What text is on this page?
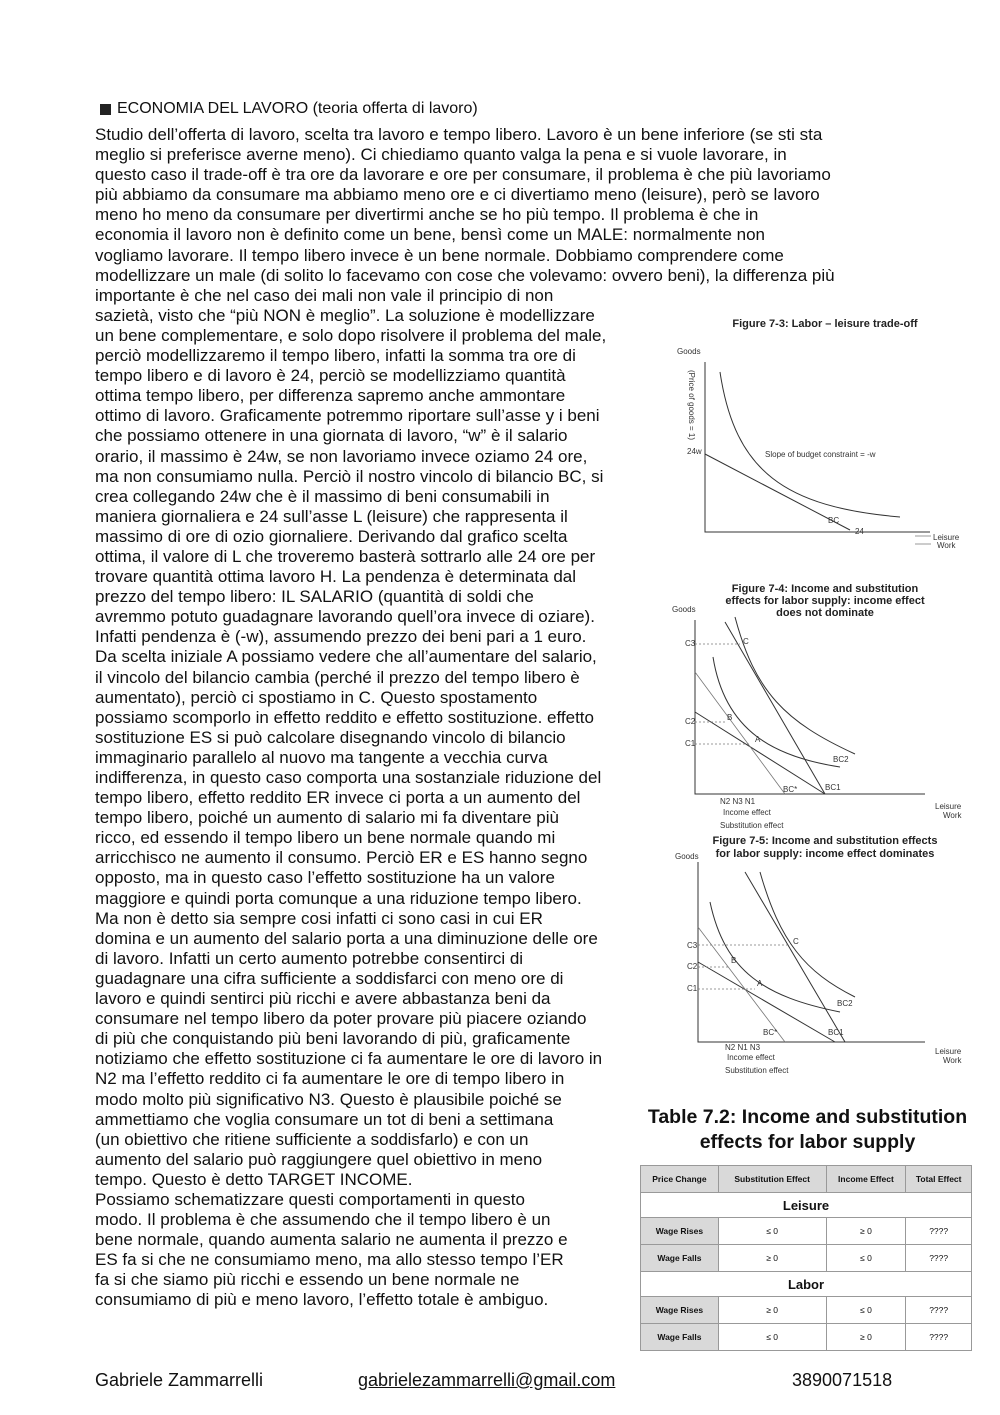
ECONOMIA DEL LAVORO (teoria offerta di lavoro)
Studio dell’offerta di lavoro, scelta tra lavoro e tempo libero. Lavoro è un bene inferiore (se sti sta
meglio si preferisce averne meno). Ci chiediamo quanto valga la pena e si vuole lavorare, in
questo caso il trade-off è tra ore da lavorare e ore per consumare, il problema è che più lavoriamo
più abbiamo da consumare ma abbiamo meno ore e ci divertiamo meno (leisure), però se lavoro
meno ho meno da consumare per divertirmi anche se ho più tempo. Il problema è che in
economia il lavoro non è definito come un bene, bensì come un MALE: normalmente non
vogliamo lavorare. Il tempo libero invece è un bene normale. Dobbiamo comprendere come
modellizzare un male (di solito lo facevamo con cose che volevamo: ovvero beni), la differenza più
importante è che nel caso dei mali non vale il principio di non
sazietà, visto che “più NON è meglio”. La soluzione è modellizzare
un bene complementare, e solo dopo risolvere il problema del male,
perciò modellizzaremo il tempo libero, infatti la somma tra ore di
tempo libero e di lavoro è 24, perciò se modellizziamo quantità
ottima tempo libero, per differenza sapremo anche ammontare
ottimo di lavoro. Graficamente potremmo riportare sull’asse y i beni
che possiamo ottenere in una giornata di lavoro, “w” è il salario
orario, il massimo è 24w, se non lavoriamo invece oziamo 24 ore,
ma non consumiamo nulla. Perciò il nostro vincolo di bilancio BC, si
crea collegando 24w che è il massimo di beni consumabili in
maniera giornaliera e 24 sull’asse L (leisure) che rappresenta il
massimo di ore di ozio giornaliere. Derivando dal grafico scelta
ottima, il valore di L che troveremo basterà sottrarlo alle 24 ore per
trovare quantità ottima lavoro H. La pendenza è determinata dal
prezzo del tempo libero: IL SALARIO (quantità di soldi che
avremmo potuto guadagnare lavorando quell’ora invece di oziare).
Infatti pendenza è (-w), assumendo prezzo dei beni pari a 1 euro.
Da scelta iniziale A possiamo vedere che all’aumentare del salario,
il vincolo del bilancio cambia (perché il prezzo del tempo libero è
aumentato), perciò ci spostiamo in C. Questo spostamento
possiamo scomporlo in effetto reddito e effetto sostituzione. effetto
sostituzione ES si può calcolare disegnando vincolo di bilancio
immaginario parallelo al nuovo ma tangente a vecchia curva
indifferenza, in questo caso comporta una sostanziale riduzione del
tempo libero, effetto reddito ER invece ci porta a un aumento del
tempo libero, poiché un aumento di salario mi fa diventare più
ricco, ed essendo il tempo libero un bene normale quando mi
arricchisco ne aumento il consumo. Perciò ER e ES hanno segno
opposto, ma in questo caso l’effetto sostituzione ha un valore
maggiore e quindi porta comunque a una riduzione tempo libero.
Ma non è detto sia sempre cosi infatti ci sono casi in cui ER
domina e un aumento del salario porta a una diminuzione delle ore
di lavoro. Infatti un certo aumento potrebbe consentirci di
guadagnare una cifra sufficiente a soddisfarci con meno ore di
lavoro e quindi sentirci più ricchi e avere abbastanza beni da
consumare nel tempo libero da poter provare più piacere oziando
di più che conquistando più beni lavorando di più, graficamente
notiziamo che effetto sostituzione ci fa aumentare le ore di lavoro in
N2 ma l’effetto reddito ci fa aumentare le ore di tempo libero in
modo molto più significativo N3. Questo è plausibile poiché se
ammettiamo che voglia consumare un tot di beni a settimana
(un obiettivo che ritiene sufficiente a soddisfarlo) e con un
aumento del salario può raggiungere quel obiettivo in meno
tempo. Questo è detto TARGET INCOME.
Possiamo schematizzare questi comportamenti in questo
modo. Il problema è che assumendo che il tempo libero è un
bene normale, quando aumenta salario ne aumenta il prezzo e
ES fa si che ne consumiamo meno, ma allo stesso tempo l’ER
fa si che siamo più ricchi e essendo un bene normale ne
consumiamo di più e meno lavoro, l’effetto totale è ambiguo.
Figure 7-3: Labor – leisure trade-off
Goods
(Price of goods = 1)
24w	Slope of budget constraint = -w
BC
24
Leisure
Work
Figure 7-4: Income and substitution
effects for labor supply: income effect
does not dominate
Goods
C3
C2
C1
C
B
A
BC2
BC1
BC*
N2 N3 N1
Income effect
Substitution effect
Leisure
Work
Figure 7-5: Income and substitution effects
for labor supply: income effect dominates
Goods
C3
C2
C1
C
B
A
BC2
BC1
BC*
N2 N1 N3
Income effect
Substitution effect
Leisure
Work
Table 7.2: Income and substitution
effects for labor supply
Price Change	Substitution Effect	Income Effect	Total Effect
Leisure			
Wage Rises	≤ 0	≥ 0	????
Wage Falls	≥ 0	≤ 0	????
Labor			
Wage Rises	≥ 0	≤ 0	????
Wage Falls	≤ 0	≥ 0	????
Gabriele Zammarrelli	gabrielezammarrelli@gmail.com	3890071518
